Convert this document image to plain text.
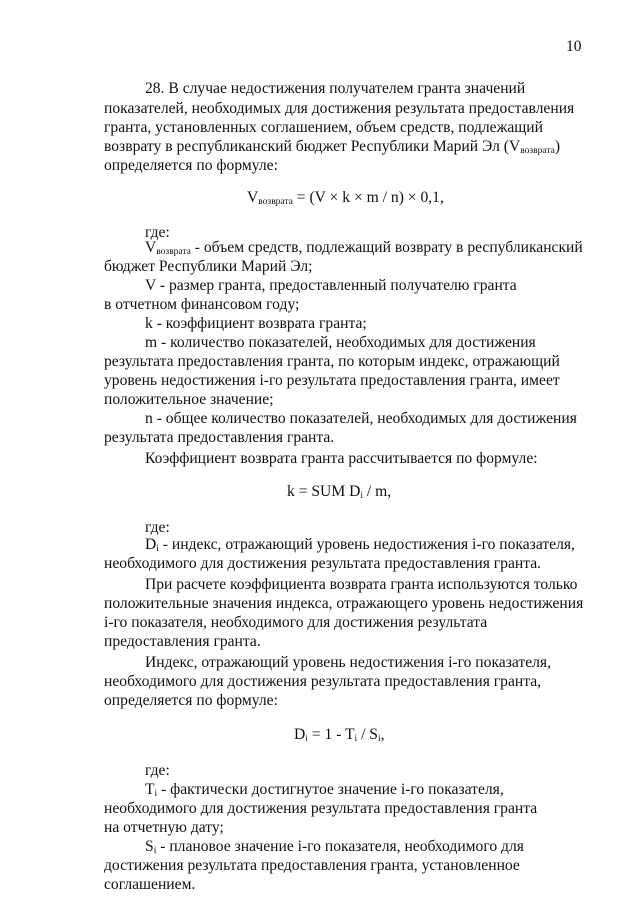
10

28. В случае недостижения получателем гранта значений

показателей, необходимых для достижения результата предоставления

гранта, установленных соглашением, объем средств, подлежащий

возврату в республиканский бюджет Республики Марий Эл $(V_{возврата})$

определяется по формуле:

$V_{возврата} = (V \times k \times m / n) \times 0,1$,

где:

$V_{возврата}$ - объем средств, подлежащий возврату в республиканский

бюджет Республики Марий Эл;

V - размер гранта, предоставленный получателю гранта

в отчетном финансовом году;

k - коэффициент возврата гранта;

m - количество показателей, необходимых для достижения

результата предоставления гранта, по которым индекс, отражающий

уровень недостижения i-го результата предоставления гранта, имеет

положительное значение;

n - общее количество показателей, необходимых для достижения

результата предоставления гранта.

Коэффициент возврата гранта рассчитывается по формуле:

k = SUM $D_i$ / m,

где:

$D_i$ - индекс, отражающий уровень недостижения i-го показателя,

необходимого для достижения результата предоставления гранта.

При расчете коэффициента возврата гранта используются только

положительные значения индекса, отражающего уровень недостижения

i-го показателя, необходимого для достижения результата

предоставления гранта.

Индекс, отражающий уровень недостижения i-го показателя,

необходимого для достижения результата предоставления гранта,

определяется по формуле:

$D_i = 1 - T_i / S_i$,

где:

$T_i$ - фактически достигнутое значение i-го показателя,

необходимого для достижения результата предоставления гранта

на отчетную дату;

$S_i$ - плановое значение i-го показателя, необходимого для

достижения результата предоставления гранта, установленное

соглашением.
